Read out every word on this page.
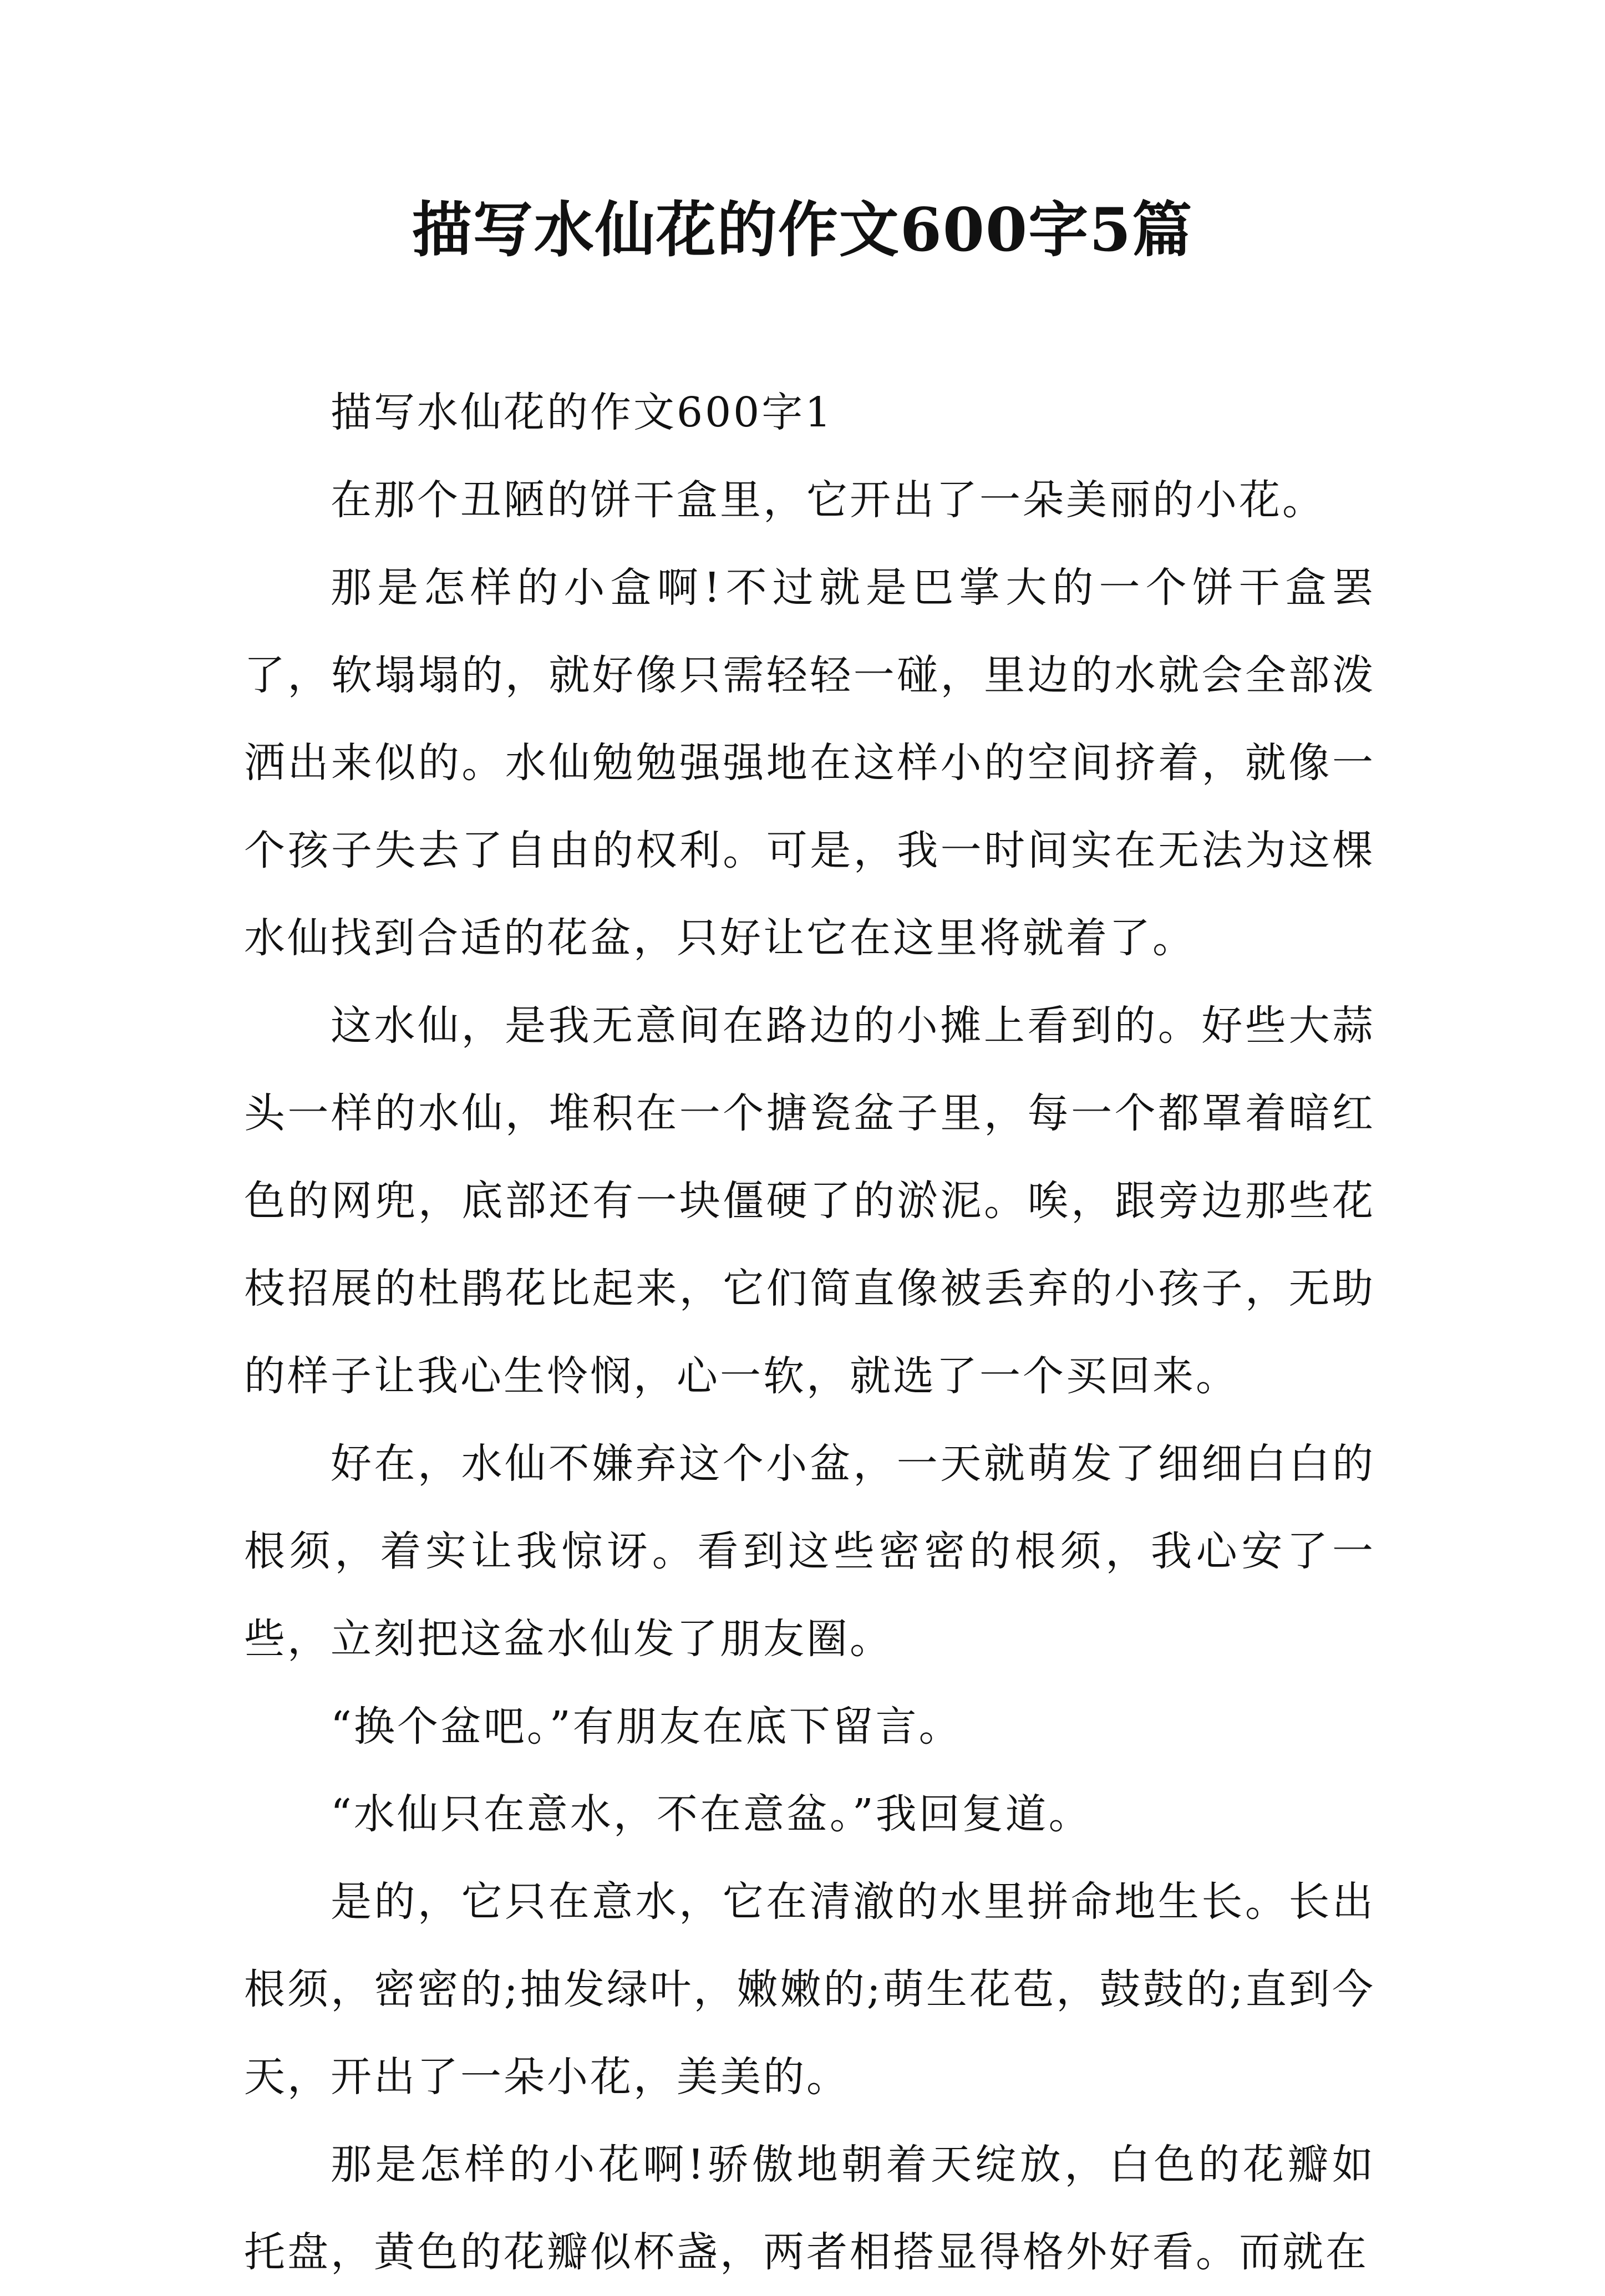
描写水仙花的作文600字5篇

描写水仙花的作文600字1

在那个丑陋的饼干盒里，它开出了一朵美丽的小花。

那是怎样的小盒啊!不过就是巴掌大的一个饼干盒罢了，软塌塌的，就好像只需轻轻一碰，里边的水就会全部泼洒出来似的。水仙勉勉强强地在这样小的空间挤着，就像一个孩子失去了自由的权利。可是，我一时间实在无法为这棵水仙找到合适的花盆，只好让它在这里将就着了。

这水仙，是我无意间在路边的小摊上看到的。好些大蒜头一样的水仙，堆积在一个搪瓷盆子里，每一个都罩着暗红色的网兜，底部还有一块僵硬了的淤泥。唉，跟旁边那些花枝招展的杜鹃花比起来，它们简直像被丢弃的小孩子，无助的样子让我心生怜悯，心一软，就选了一个买回来。

好在，水仙不嫌弃这个小盆，一天就萌发了细细白白的根须，着实让我惊讶。看到这些密密的根须，我心安了一些，立刻把这盆水仙发了朋友圈。

“换个盆吧。”有朋友在底下留言。

“水仙只在意水，不在意盆。”我回复道。

是的，它只在意水，它在清澈的水里拼命地生长。长出根须，密密的;抽发绿叶，嫩嫩的;萌生花苞，鼓鼓的;直到今天，开出了一朵小花，美美的。

那是怎样的小花啊!骄傲地朝着天绽放，白色的花瓣如托盘，黄色的花瓣似杯盏，两者相搭显得格外好看。而就在
